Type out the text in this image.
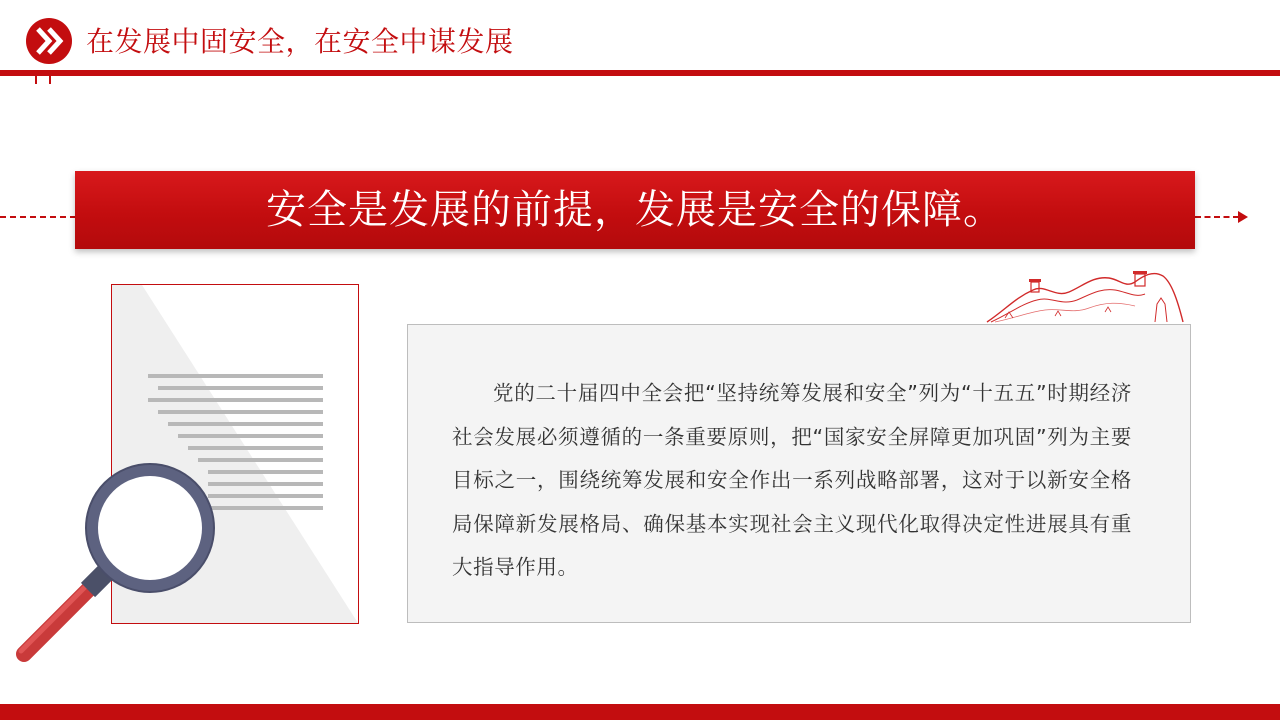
在发展中固安全，在安全中谋发展
安全是发展的前提，发展是安全的保障。
党的二十届四中全会把“坚持统筹发展和安全”列为“十五五”时期经济社会发展必须遵循的一条重要原则，把“国家安全屏障更加巩固”列为主要目标之一，围绕统筹发展和安全作出一系列战略部署，这对于以新安全格局保障新发展格局、确保基本实现社会主义现代化取得决定性进展具有重大指导作用。
